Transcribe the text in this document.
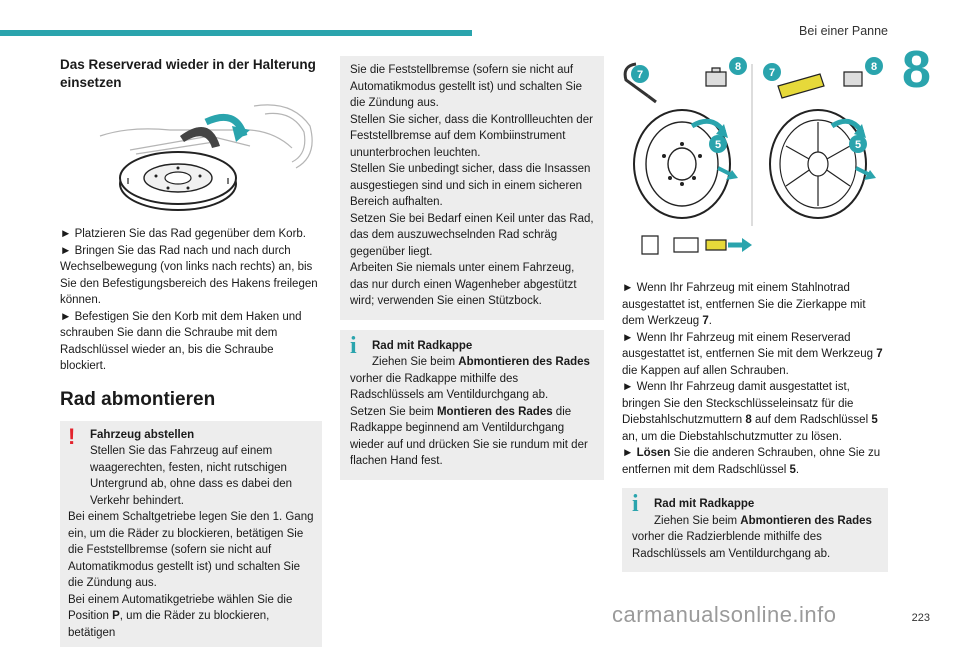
Bei einer Panne
8

Das Reserverad wieder in der Halterung einsetzen

► Platzieren Sie das Rad gegenüber dem Korb.

► Bringen Sie das Rad nach und nach durch Wechselbewegung (von links nach rechts) an, bis Sie den Befestigungsbereich des Hakens freilegen können.

► Befestigen Sie den Korb mit dem Haken und schrauben Sie dann die Schraube mit dem Radschlüssel wieder an, bis die Schraube blockiert.

Rad abmontieren
! Fahrzeug abstellen
Stellen Sie das Fahrzeug auf einem waagerechten, festen, nicht rutschigen Untergrund ab, ohne dass es dabei den Verkehr behindert.
Bei einem Schaltgetriebe legen Sie den 1. Gang ein, um die Räder zu blockieren, betätigen Sie die Feststellbremse (sofern sie nicht auf Automatikmodus gestellt ist) und schalten Sie die Zündung aus.
Bei einem Automatikgetriebe wählen Sie die
Position P, um die Räder zu blockieren, betätigen
Sie die Feststellbremse (sofern sie nicht auf Automatikmodus gestellt ist) und schalten Sie die Zündung aus.
Stellen Sie sicher, dass die Kontrollleuchten der Feststellbremse auf dem Kombiinstrument ununterbrochen leuchten.
Stellen Sie unbedingt sicher, dass die Insassen ausgestiegen sind und sich in einem sicheren Bereich aufhalten.
Setzen Sie bei Bedarf einen Keil unter das Rad, das dem auszuwechselnden Rad schräg gegenüber liegt.
Arbeiten Sie niemals unter einem Fahrzeug, das nur durch einen Wagenheber abgestützt wird; verwenden Sie einen Stützbock.
i Rad mit Radkappe
Ziehen Sie beim Abmontieren des Rades
vorher die Radkappe mithilfe des Radschlüssels am Ventildurchgang ab.
Setzen Sie beim Montieren des Rades die Radkappe beginnend am Ventildurchgang wieder auf und drücken Sie sie rundum mit der flachen Hand fest.
7
8
5
7	8
5

► Wenn Ihr Fahrzeug mit einem Stahlnotrad ausgestattet ist, entfernen Sie die Zierkappe mit dem Werkzeug 7.

► Wenn Ihr Fahrzeug mit einem Reserverad ausgestattet ist, entfernen Sie mit dem Werkzeug 7 die Kappen auf allen Schrauben.

► Wenn Ihr Fahrzeug damit ausgestattet ist, bringen Sie den Steckschlüsseleinsatz für die Diebstahlschutzmuttern 8 auf dem Radschlüssel 5 an, um die Diebstahlschutzmutter zu lösen.

► Lösen Sie die anderen Schrauben, ohne Sie zu entfernen mit dem Radschlüssel 5.

i Rad mit Radkappe
Ziehen Sie beim Abmontieren des Rades
vorher die Radzierblende mithilfe des Radschlüssels am Ventildurchgang ab.
carmanualsonline.info	223
